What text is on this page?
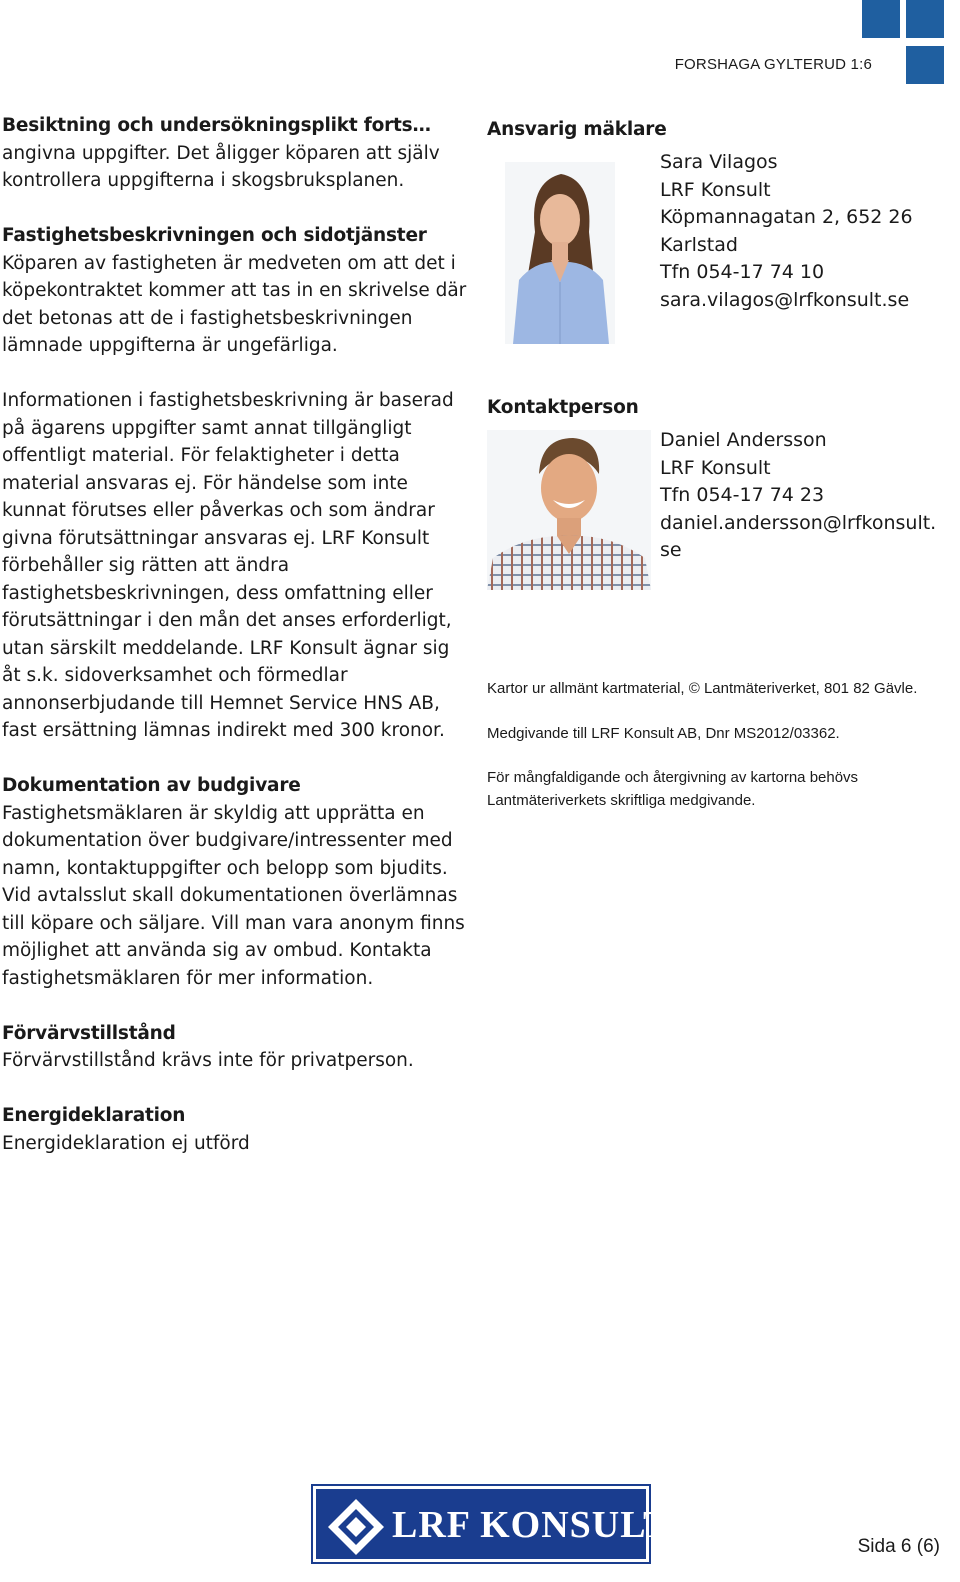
FORSHAGA GYLTERUD 1:6
Besiktning och undersökningsplikt forts…
angivna uppgifter. Det åligger köparen att själv kontrollera uppgifterna i skogsbruksplanen.
Fastighetsbeskrivningen och sidotjänster
Köparen av fastigheten är medveten om att det i köpekontraktet kommer att tas in en skrivelse där det betonas att de i fastighetsbeskrivningen lämnade uppgifterna är ungefärliga.
Informationen i fastighetsbeskrivning är baserad på ägarens uppgifter samt annat tillgängligt offentligt material. För felaktigheter i detta material ansvaras ej. För händelse som inte kunnat förutses eller påverkas och som ändrar givna förutsättningar ansvaras ej. LRF Konsult förbehåller sig rätten att ändra fastighetsbeskrivningen, dess omfattning eller förutsättningar i den mån det anses erforderligt, utan särskilt meddelande. LRF Konsult ägnar sig åt s.k. sidoverksamhet och förmedlar annonserbjudande till Hemnet Service HNS AB, fast ersättning lämnas indirekt med 300 kronor.
Dokumentation av budgivare
Fastighetsmäklaren är skyldig att upprätta en dokumentation över budgivare/intressenter med namn, kontaktuppgifter och belopp som bjudits. Vid avtalsslut skall dokumentationen överlämnas till köpare och säljare. Vill man vara anonym finns möjlighet att använda sig av ombud. Kontakta fastighetsmäklaren för mer information.
Förvärvstillstånd
Förvärvstillstånd krävs inte för privatperson.
Energideklaration
Energideklaration ej utförd
Ansvarig mäklare
Sara Vilagos
LRF Konsult
Köpmannagatan 2, 652 26
Karlstad
Tfn 054-17 74 10
sara.vilagos@lrfkonsult.se
Kontaktperson
Daniel Andersson
LRF Konsult
Tfn 054-17 74 23
daniel.andersson@lrfkonsult.se

Kartor ur allmänt kartmaterial, © Lantmäteriverket, 801 82 Gävle.

Medgivande till LRF Konsult AB, Dnr MS2012/03362.

För mångfaldigande och återgivning av kartorna behövs Lantmäteriverkets skriftliga medgivande.

LRF KONSULT
Sida 6 (6)
